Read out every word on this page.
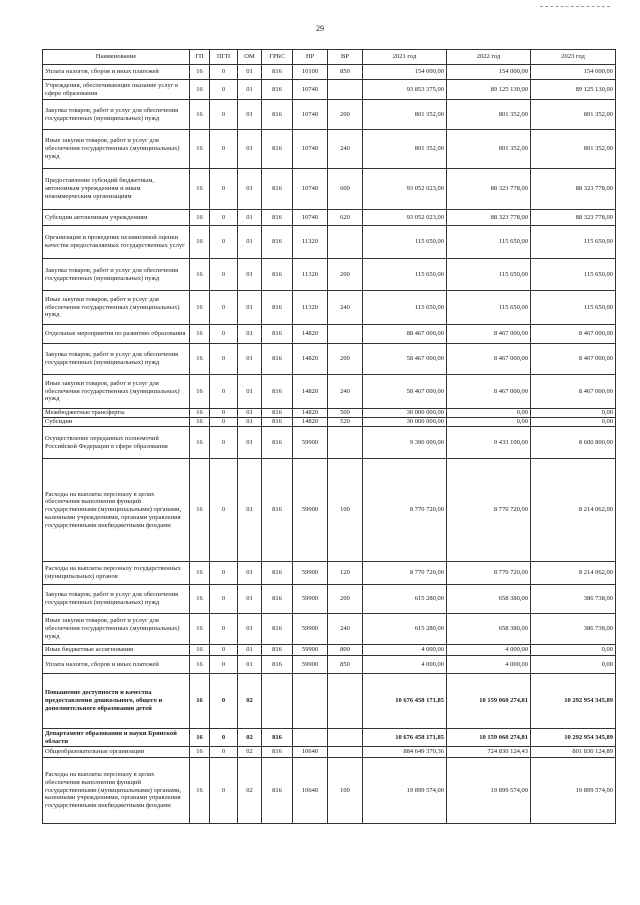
29
Наименование	ГП	ПГП	ОМ	ГРБС	НР	ВР	2021 год	2022 год	2023 год
Уплата налогов, сборов и иных платежей	16	0	01	816	10100	850	154 000,00	154 000,00	154 000,00
Учреждения, обеспечивающие оказание услуг в сфере образования	16	0	01	816	10740		93 853 375,00	89 125 130,00	89 125 130,00
Закупка товаров, работ и услуг для обеспечения государственных (муниципальных) нужд	16	0	01	816	10740	200	801 352,00	801 352,00	801 352,00
Иные закупки товаров, работ и услуг для обеспечения государственных (муниципальных) нужд	16	0	01	816	10740	240	801 352,00	801 352,00	801 352,00
Предоставление субсидий бюджетным, автономным учреждениям и иным некоммерческим организациям	16	0	01	816	10740	600	93 052 023,00	88 323 778,00	88 323 778,00
Субсидии автономным учреждениям	16	0	01	816	10740	620	93 052 023,00	88 323 778,00	88 323 778,00
Организация и проведение независимой оценки качества предоставляемых государственных услуг	16	0	01	816	11320		115 650,00	115 650,00	115 650,00
Закупка товаров, работ и услуг для обеспечения государственных (муниципальных) нужд	16	0	01	816	11320	200	115 650,00	115 650,00	115 650,00
Иные закупки товаров, работ и услуг для обеспечения государственных (муниципальных) нужд	16	0	01	816	11320	240	115 650,00	115 650,00	115 650,00
Отдельные мероприятия по развитию образования	16	0	01	816	14820		88 467 000,00	8 467 000,00	8 467 000,00
Закупка товаров, работ и услуг для обеспечения государственных (муниципальных) нужд	16	0	01	816	14820	200	58 467 000,00	8 467 000,00	8 467 000,00
Иные закупки товаров, работ и услуг для обеспечения государственных (муниципальных) нужд	16	0	01	816	14820	240	58 467 000,00	8 467 000,00	8 467 000,00
Межбюджетные трансферты	16	0	01	816	14820	500	30 000 000,00	0,00	0,00
Субсидии	16	0	01	816	14820	520	30 000 000,00	0,00	0,00
Осуществление переданных полномочий Российской Федерации в сфере образования	16	0	01	816	59900		9 390 000,00	9 433 100,00	8 600 800,00
Расходы на выплаты персоналу в целях обеспечения выполнения функций государственными (муниципальными) органами, казенными учреждениями, органами управления государственными внебюджетными фондами	16	0	01	816	59900	100	8 770 720,00	8 770 720,00	8 214 062,00
Расходы на выплаты персоналу государственных (муниципальных) органов	16	0	01	816	59900	120	8 770 720,00	8 770 720,00	8 214 062,00
Закупка товаров, работ и услуг для обеспечения государственных (муниципальных) нужд	16	0	01	816	59900	200	615 280,00	658 380,00	386 738,00
Иные закупки товаров, работ и услуг для обеспечения государственных (муниципальных) нужд	16	0	01	816	59900	240	615 280,00	658 380,00	386 738,00
Иные бюджетные ассигнования	16	0	01	816	59900	800	4 000,00	4 000,00	0,00
Уплата налогов, сборов и иных платежей	16	0	01	816	59900	850	4 000,00	4 000,00	0,00
Повышение доступности и качества предоставления дошкольного, общего и дополнительного образования детей	16	0	02				10 676 458 171,85	10 159 060 274,81	10 292 954 345,89
Департамент образования и науки Брянской области	16	0	02	816			10 676 458 171,85	10 159 060 274,81	10 292 954 345,89
Общеобразовательные организации	16	0	02	816	10640		884 649 370,36	724 830 124,43	801 830 124,89
Расходы на выплаты персоналу в целях обеспечения выполнения функций государственными (муниципальными) органами, казенными учреждениями, органами управления государственными внебюджетными фондами	16	0	02	816	10640	100	19 899 574,00	19 899 574,00	19 899 574,00
